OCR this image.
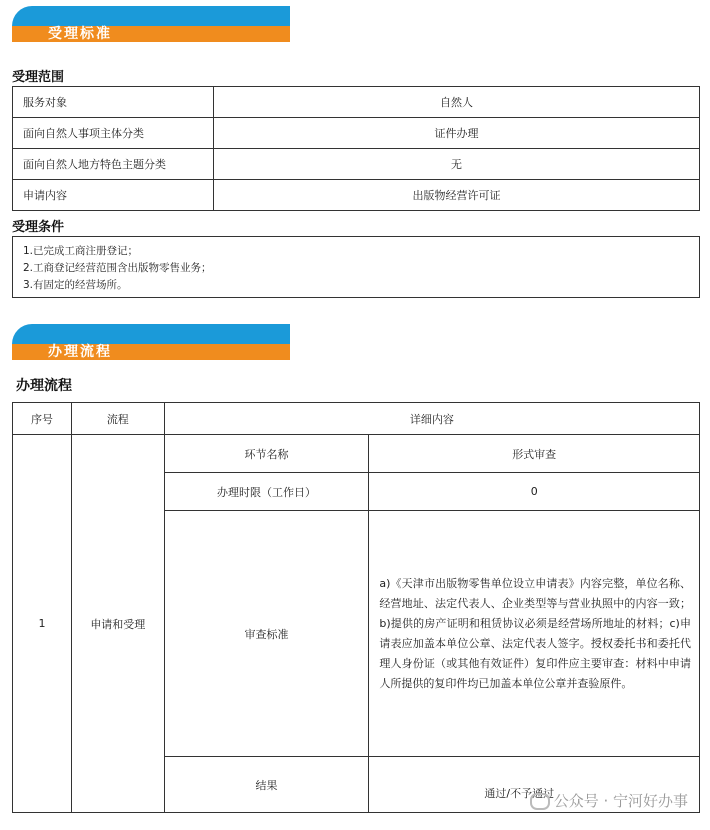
受理标准
受理范围
服务对象	自然人
面向自然人事项主体分类	证件办理
面向自然人地方特色主题分类	无
申请内容	出版物经营许可证
受理条件
1.已完成工商注册登记；
2.工商登记经营范围含出版物零售业务；
3.有固定的经营场所。
办理流程
办理流程
序号	流程	详细内容	
1	申请和受理	环节名称	形式审查
		办理时限（工作日）	0
		审查标准	a)《天津市出版物零售单位设立申请表》内容完整，单位名称、经营地址、法定代表人、企业类型等与营业执照中的内容一致；b)提供的房产证明和租赁协议必须是经营场所地址的材料；c)申请表应加盖本单位公章、法定代表人签字。授权委托书和委托代理人身份证（或其他有效证件）复印件应主要审查：材料中申请人所提供的复印件均已加盖本单位公章并查验原件。
		结果	通过/不予通过 公众号 · 宁河好办事
